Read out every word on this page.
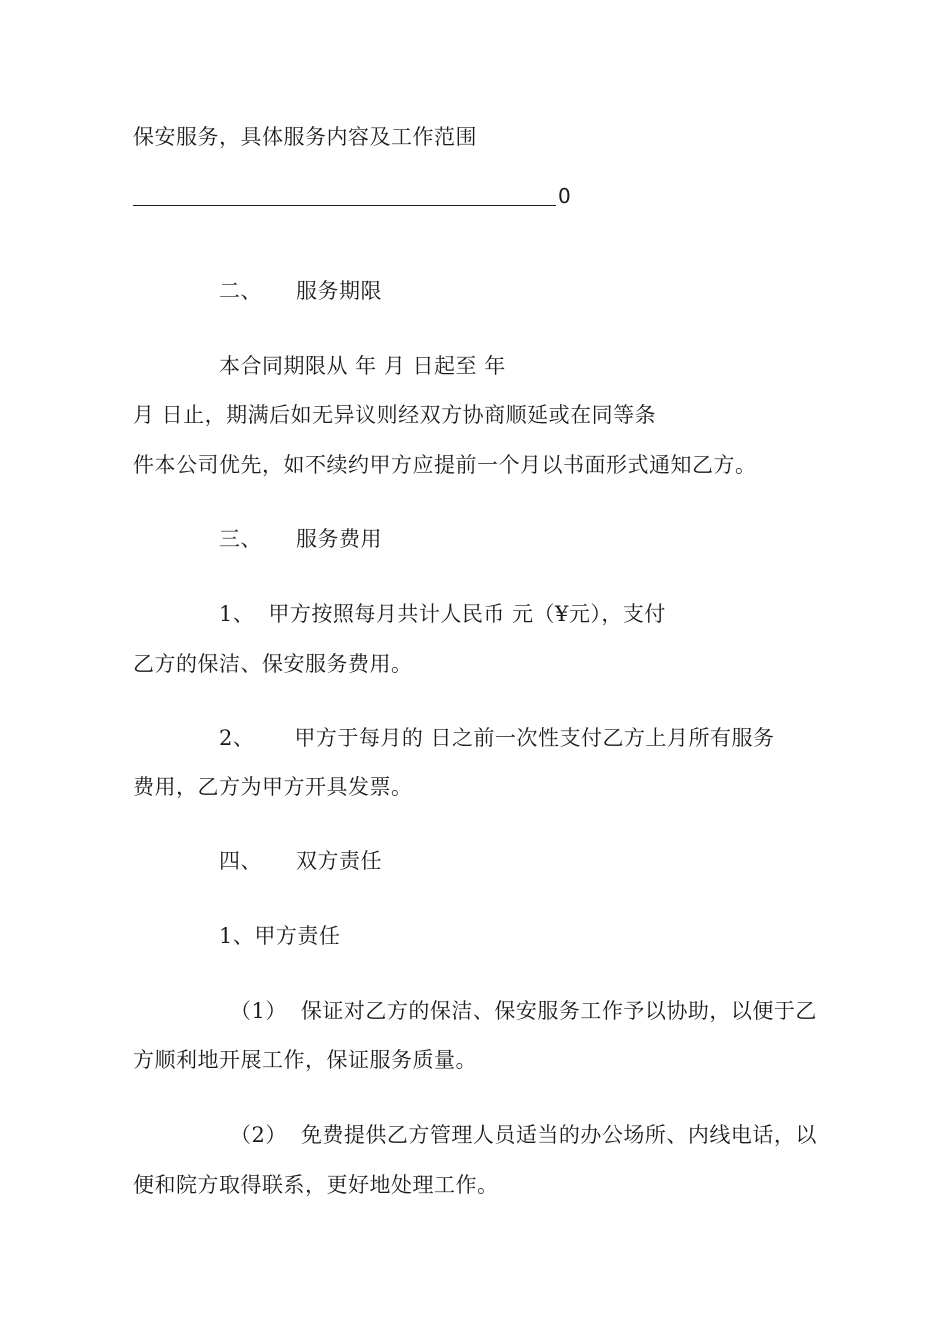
保安服务，具体服务内容及工作范围
0
二、 服务期限
本合同期限从 年 月 日起至 年
月 日止，期满后如无异议则经双方协商顺延或在同等条
件本公司优先，如不续约甲方应提前一个月以书面形式通知乙方。
三、 服务费用
1、 甲方按照每月共计人民币 元（¥元），支付
乙方的保洁、保安服务费用。
2、 甲方于每月的 日之前一次性支付乙方上月所有服务
费用，乙方为甲方开具发票。
四、 双方责任
1、甲方责任
（1） 保证对乙方的保洁、保安服务工作予以协助，以便于乙
方顺利地开展工作，保证服务质量。
（2） 免费提供乙方管理人员适当的办公场所、内线电话，以
便和院方取得联系，更好地处理工作。
